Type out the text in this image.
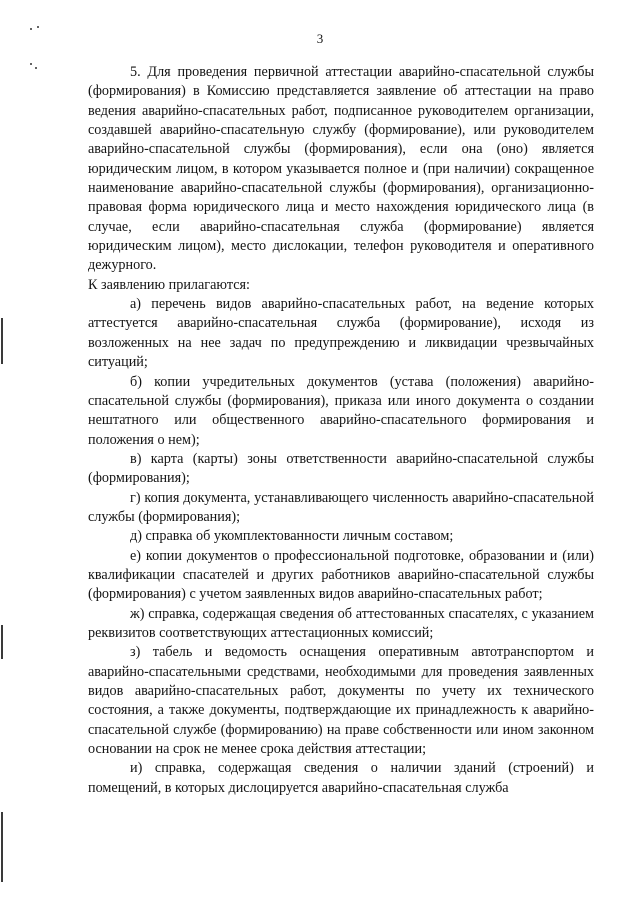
3

5. Для проведения первичной аттестации аварийно-спасательной службы (формирования) в Комиссию представляется заявление об аттестации на право ведения аварийно-спасательных работ, подписанное руководителем организации, создавшей аварийно-спасательную службу (формирование), или руководителем аварийно-спасательной службы (формирования), если она (оно) является юридическим лицом, в котором указывается полное и (при наличии) сокращенное наименование аварийно-спасательной службы (формирования), организационно-правовая форма юридического лица и место нахождения юридического лица (в случае, если аварийно-спасательная служба (формирование) является юридическим лицом), место дислокации, телефон руководителя и оперативного дежурного.

К заявлению прилагаются:

а) перечень видов аварийно-спасательных работ, на ведение которых аттестуется аварийно-спасательная служба (формирование), исходя из возложенных на нее задач по предупреждению и ликвидации чрезвычайных ситуаций;

б) копии учредительных документов (устава (положения) аварийно-спасательной службы (формирования), приказа или иного документа о создании нештатного или общественного аварийно-спасательного формирования и положения о нем);

в) карта (карты) зоны ответственности аварийно-спасательной службы (формирования);

г) копия документа, устанавливающего численность аварийно-спасательной службы (формирования);

д) справка об укомплектованности личным составом;

е) копии документов о профессиональной подготовке, образовании и (или) квалификации спасателей и других работников аварийно-спасательной службы (формирования) с учетом заявленных видов аварийно-спасательных работ;

ж) справка, содержащая сведения об аттестованных спасателях, с указанием реквизитов соответствующих аттестационных комиссий;

з) табель и ведомость оснащения оперативным автотранспортом и аварийно-спасательными средствами, необходимыми для проведения заявленных видов аварийно-спасательных работ, документы по учету их технического состояния, а также документы, подтверждающие их принадлежность к аварийно-спасательной службе (формированию) на праве собственности или ином законном основании на срок не менее срока действия аттестации;

и) справка, содержащая сведения о наличии зданий (строений) и помещений, в которых дислоцируется аварийно-спасательная служба
